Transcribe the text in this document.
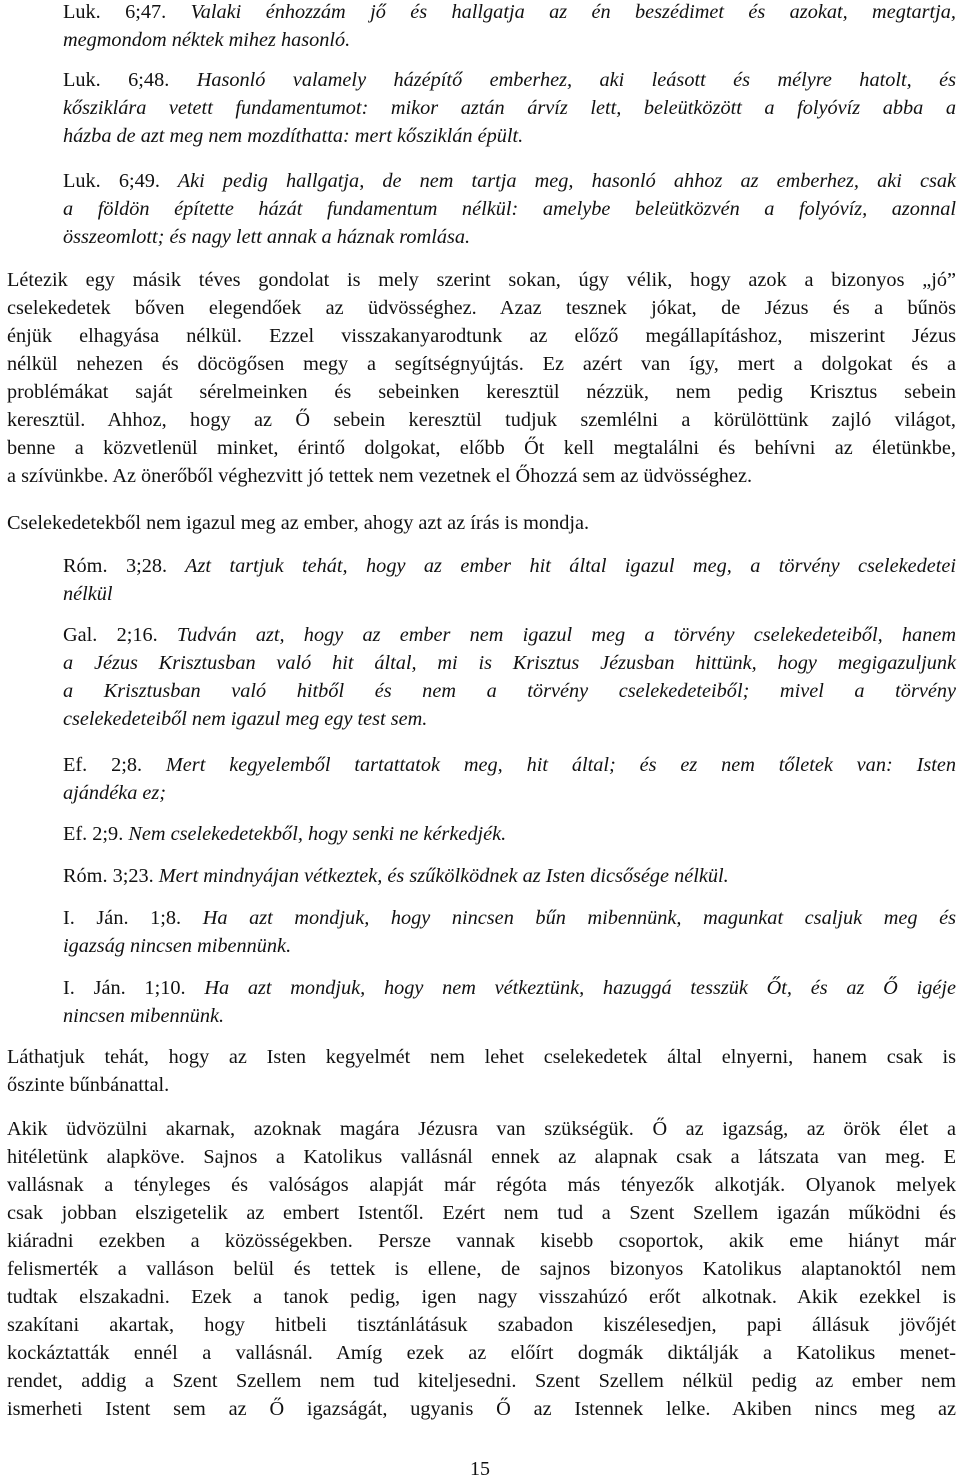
Luk. 6;47. Valaki énhozzám jő és hallgatja az én beszédimet és azokat, megtartja,
megmondom néktek mihez hasonló.
Luk. 6;48. Hasonló valamely házépítő emberhez, aki leásott és mélyre hatolt, és
kősziklára vetett fundamentumot: mikor aztán árvíz lett, beleütközött a folyóvíz abba a
házba de azt meg nem mozdíthatta: mert kősziklán épült.
Luk. 6;49. Aki pedig hallgatja, de nem tartja meg, hasonló ahhoz az emberhez, aki csak
a földön építette házát fundamentum nélkül: amelybe beleütközvén a folyóvíz, azonnal
összeomlott; és nagy lett annak a háznak romlása.
Létezik egy másik téves gondolat is mely szerint sokan, úgy vélik, hogy azok a bizonyos „jó”
cselekedetek bőven elegendőek az üdvösséghez. Azaz tesznek jókat, de Jézus és a bűnös
énjük elhagyása nélkül. Ezzel visszakanyarodtunk az előző megállapításhoz, miszerint Jézus
nélkül nehezen és döcögősen megy a segítségnyújtás. Ez azért van így, mert a dolgokat és a
problémákat saját sérelmeinken és sebeinken keresztül nézzük, nem pedig Krisztus sebein
keresztül. Ahhoz, hogy az Ő sebein keresztül tudjuk szemlélni a körülöttünk zajló világot,
benne a közvetlenül minket, érintő dolgokat, előbb Őt kell megtalálni és behívni az életünkbe,
a szívünkbe. Az önerőből véghezvitt jó tettek nem vezetnek el Őhozzá sem az üdvösséghez.
Cselekedetekből nem igazul meg az ember, ahogy azt az írás is mondja.
Róm. 3;28. Azt tartjuk tehát, hogy az ember hit által igazul meg, a törvény cselekedetei
nélkül
Gal. 2;16. Tudván azt, hogy az ember nem igazul meg a törvény cselekedeteiből, hanem
a Jézus Krisztusban való hit által, mi is Krisztus Jézusban hittünk, hogy megigazuljunk
a Krisztusban való hitből és nem a törvény cselekedeteiből; mivel a törvény
cselekedeteiből nem igazul meg egy test sem.
Ef. 2;8. Mert kegyelemből tartattatok meg, hit által; és ez nem tőletek van: Isten
ajándéka ez;
Ef. 2;9. Nem cselekedetekből, hogy senki ne kérkedjék.
Róm. 3;23. Mert mindnyájan vétkeztek, és szűkölködnek az Isten dicsősége nélkül.
I. Ján. 1;8. Ha azt mondjuk, hogy nincsen bűn mibennünk, magunkat csaljuk meg és
igazság nincsen mibennünk.
I. Ján. 1;10. Ha azt mondjuk, hogy nem vétkeztünk, hazuggá tesszük Őt, és az Ő igéje
nincsen mibennünk.
Láthatjuk tehát, hogy az Isten kegyelmét nem lehet cselekedetek által elnyerni, hanem csak is
őszinte bűnbánattal.
Akik üdvözülni akarnak, azoknak magára Jézusra van szükségük. Ő az igazság, az örök élet a
hitéletünk alapköve. Sajnos a Katolikus vallásnál ennek az alapnak csak a látszata van meg. E
vallásnak a tényleges és valóságos alapját már régóta más tényezők alkotják. Olyanok melyek
csak jobban elszigetelik az embert Istentől. Ezért nem tud a Szent Szellem igazán működni és
kiáradni ezekben a közösségekben. Persze vannak kisebb csoportok, akik eme hiányt már
felismerték a valláson belül és tettek is ellene, de sajnos bizonyos Katolikus alaptanoktól nem
tudtak elszakadni. Ezek a tanok pedig, igen nagy visszahúzó erőt alkotnak. Akik ezekkel is
szakítani akartak, hogy hitbeli tisztánlátásuk szabadon kiszélesedjen, papi állásuk jövőjét
kockáztatták ennél a vallásnál. Amíg ezek az előírt dogmák diktálják a Katolikus menet-
rendet, addig a Szent Szellem nem tud kiteljesedni. Szent Szellem nélkül pedig az ember nem
ismerheti Istent sem az Ő igazságát, ugyanis Ő az Istennek lelke. Akiben nincs meg az
15
